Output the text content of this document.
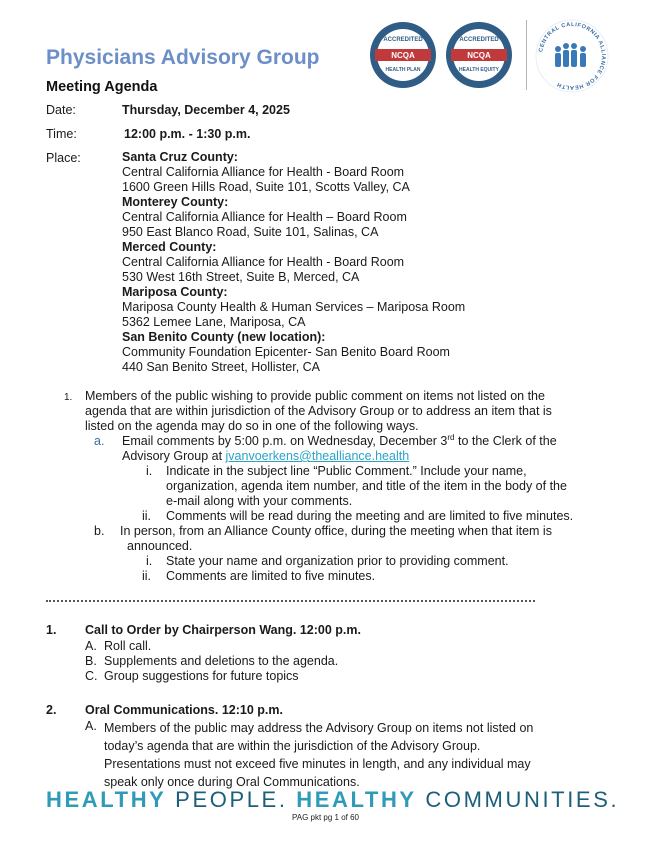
Physicians Advisory Group
Meeting Agenda
NCQA
ACCREDITED
HEALTH PLAN
NCQA
ACCREDITED
HEALTH EQUITY
CENTRAL CALIFORNIA ALLIANCE FOR HEALTH
Date:	Thursday, December 4, 2025
Time:	12:00 p.m. - 1:30 p.m.
Place:	Santa Cruz County:
Central California Alliance for Health - Board Room
1600 Green Hills Road, Suite 101, Scotts Valley, CA
Monterey County:
Central California Alliance for Health – Board Room
950 East Blanco Road, Suite 101, Salinas, CA
Merced County:
Central California Alliance for Health - Board Room
530 West 16th Street, Suite B, Merced, CA
Mariposa County:
Mariposa County Health & Human Services – Mariposa Room
5362 Lemee Lane, Mariposa, CA
San Benito County (new location):
Community Foundation Epicenter- San Benito Board Room
440 San Benito Street, Hollister, CA
1. Members of the public wishing to provide public comment on items not listed on the
agenda that are within jurisdiction of the Advisory Group or to address an item that is
listed on the agenda may do so in one of the following ways.
a. Email comments by 5:00 p.m. on Wednesday, December 3rd to the Clerk of the
Advisory Group at jvanvoerkens@thealliance.health
i. Indicate in the subject line “Public Comment.” Include your name,
organization, agenda item number, and title of the item in the body of the
e-mail along with your comments.
ii. Comments will be read during the meeting and are limited to five minutes.
b. In person, from an Alliance County office, during the meeting when that item is
announced.
i. State your name and organization prior to providing comment.
ii. Comments are limited to five minutes.
1. Call to Order by Chairperson Wang. 12:00 p.m.
A. Roll call.
B. Supplements and deletions to the agenda.
C. Group suggestions for future topics
2. Oral Communications. 12:10 p.m.
A. Members of the public may address the Advisory Group on items not listed on
today’s agenda that are within the jurisdiction of the Advisory Group.
Presentations must not exceed five minutes in length, and any individual may
speak only once during Oral Communications.
HEALTHY PEOPLE. HEALTHY COMMUNITIES.
PAG pkt pg 1 of 60
